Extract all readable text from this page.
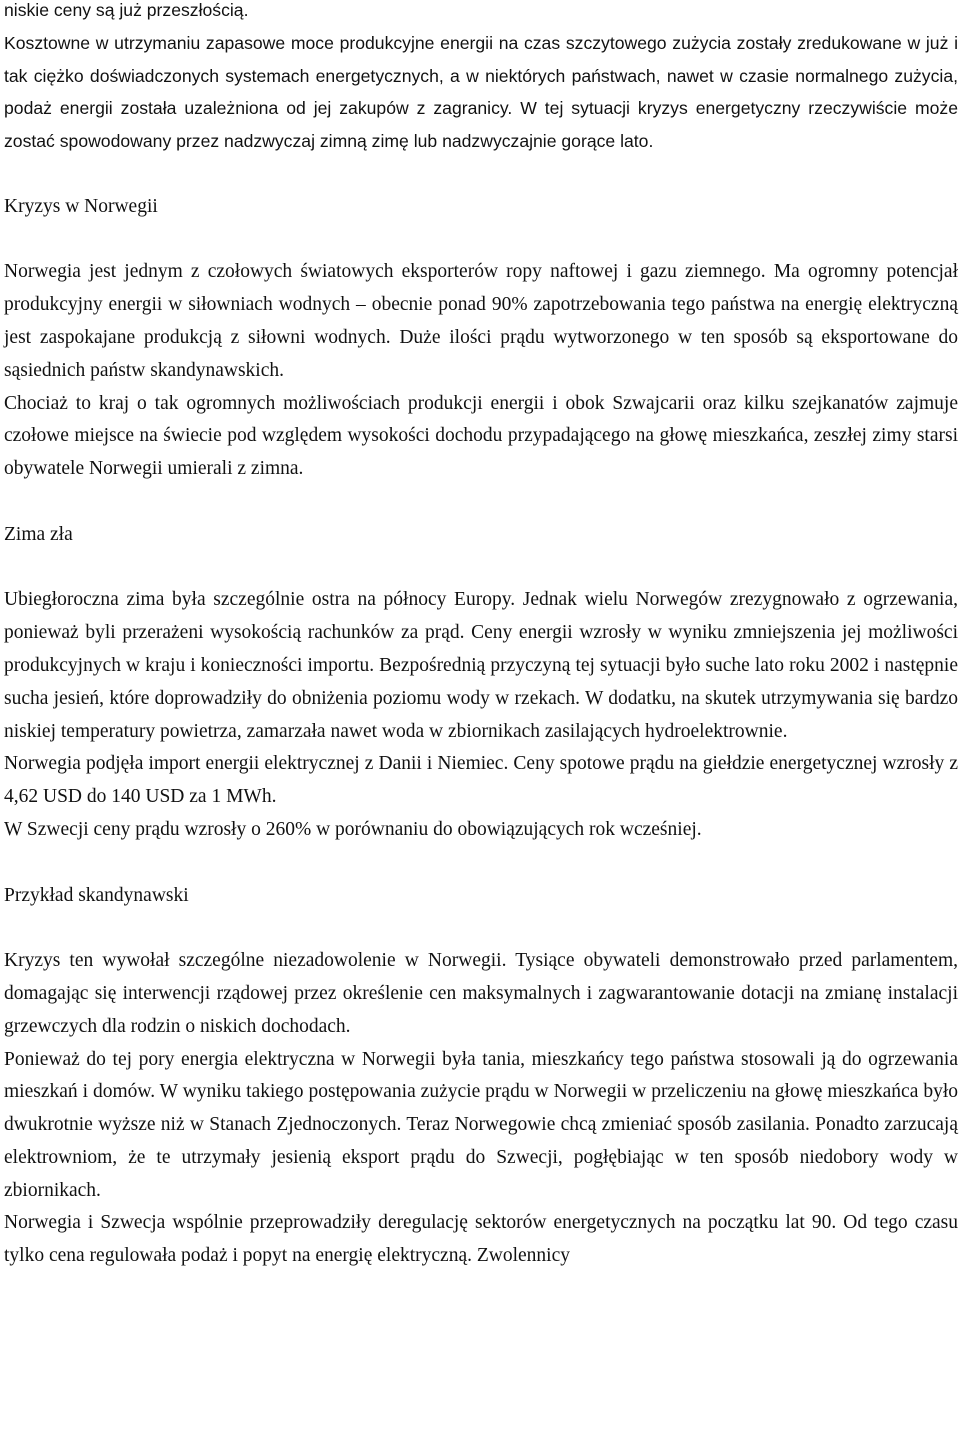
niskie ceny są już przeszłością.

Kosztowne w utrzymaniu zapasowe moce produkcyjne energii na czas szczytowego zużycia zostały zredukowane w już i tak ciężko doświadczonych systemach energetycznych, a w niektórych państwach, nawet w czasie normalnego zużycia, podaż energii została uzależniona od jej zakupów z zagranicy. W tej sytuacji kryzys energetyczny rzeczywiście może zostać spowodowany przez nadzwyczaj zimną zimę lub nadzwyczajnie gorące lato.

Kryzys w Norwegii

Norwegia jest jednym z czołowych światowych eksporterów ropy naftowej i gazu ziemnego. Ma ogromny potencjał produkcyjny energii w siłowniach wodnych – obecnie ponad 90% zapotrzebowania tego państwa na energię elektryczną jest zaspokajane produkcją z siłowni wodnych. Duże ilości prądu wytworzonego w ten sposób są eksportowane do sąsiednich państw skandynawskich.

Chociaż to kraj o tak ogromnych możliwościach produkcji energii i obok Szwajcarii oraz kilku szejkanatów zajmuje czołowe miejsce na świecie pod względem wysokości dochodu przypadającego na głowę mieszkańca, zeszłej zimy starsi obywatele Norwegii umierali z zimna.

Zima zła

Ubiegłoroczna zima była szczególnie ostra na północy Europy. Jednak wielu Norwegów zrezygnowało z ogrzewania, ponieważ byli przerażeni wysokością rachunków za prąd. Ceny energii wzrosły w wyniku zmniejszenia jej możliwości produkcyjnych w kraju i konieczności importu. Bezpośrednią przyczyną tej sytuacji było suche lato roku 2002 i następnie sucha jesień, które doprowadziły do obniżenia poziomu wody w rzekach. W dodatku, na skutek utrzymywania się bardzo niskiej temperatury powietrza, zamarzała nawet woda w zbiornikach zasilających hydroelektrownie.

Norwegia podjęła import energii elektrycznej z Danii i Niemiec. Ceny spotowe prądu na giełdzie energetycznej wzrosły z 4,62 USD do 140 USD za 1 MWh.

W Szwecji ceny prądu wzrosły o 260% w porównaniu do obowiązujących rok wcześniej.

Przykład skandynawski

Kryzys ten wywołał szczególne niezadowolenie w Norwegii. Tysiące obywateli demonstrowało przed parlamentem, domagając się interwencji rządowej przez określenie cen maksymalnych i zagwarantowanie dotacji na zmianę instalacji grzewczych dla rodzin o niskich dochodach.

Ponieważ do tej pory energia elektryczna w Norwegii była tania, mieszkańcy tego państwa stosowali ją do ogrzewania mieszkań i domów. W wyniku takiego postępowania zużycie prądu w Norwegii w przeliczeniu na głowę mieszkańca było dwukrotnie wyższe niż w Stanach Zjednoczonych. Teraz Norwegowie chcą zmieniać sposób zasilania. Ponadto zarzucają elektrowniom, że te utrzymały jesienią eksport prądu do Szwecji, pogłębiając w ten sposób niedobory wody w zbiornikach.

Norwegia i Szwecja wspólnie przeprowadziły deregulację sektorów energetycznych na początku lat 90. Od tego czasu tylko cena regulowała podaż i popyt na energię elektryczną. Zwolennicy
